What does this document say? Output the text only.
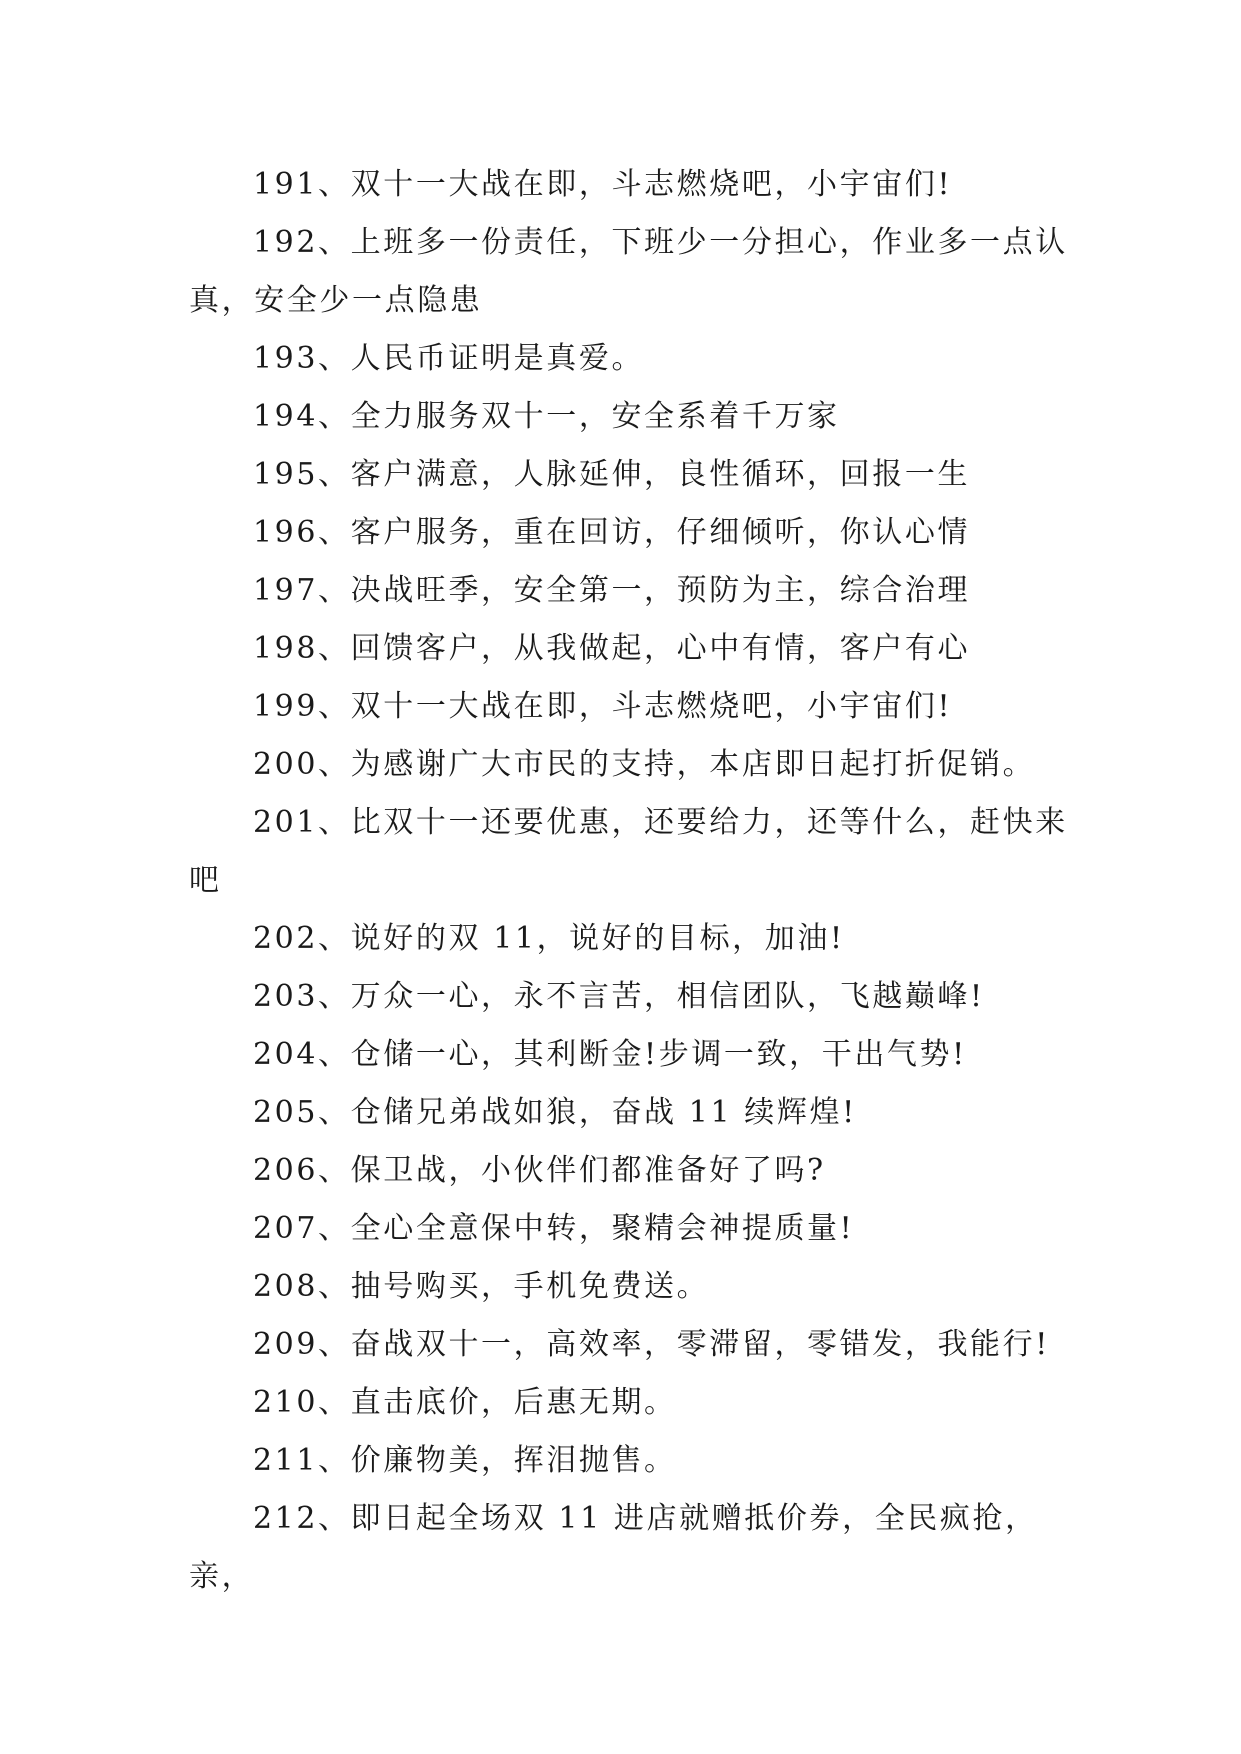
191、双十一大战在即，斗志燃烧吧，小宇宙们!

192、上班多一份责任，下班少一分担心，作业多一点认真，安全少一点隐患

193、人民币证明是真爱。

194、全力服务双十一，安全系着千万家

195、客户满意，人脉延伸，良性循环，回报一生

196、客户服务，重在回访，仔细倾听，你认心情

197、决战旺季，安全第一，预防为主，综合治理

198、回馈客户，从我做起，心中有情，客户有心

199、双十一大战在即，斗志燃烧吧，小宇宙们!

200、为感谢广大市民的支持，本店即日起打折促销。

201、比双十一还要优惠，还要给力，还等什么，赶快来吧

202、说好的双 11，说好的目标，加油!

203、万众一心，永不言苦，相信团队，飞越巅峰!

204、仓储一心，其利断金!步调一致，干出气势!

205、仓储兄弟战如狼，奋战 11 续辉煌!

206、保卫战，小伙伴们都准备好了吗?

207、全心全意保中转，聚精会神提质量!

208、抽号购买，手机免费送。

209、奋战双十一，高效率，零滞留，零错发，我能行!

210、直击底价，后惠无期。

211、价廉物美，挥泪抛售。

212、即日起全场双 11 进店就赠抵价券，全民疯抢，亲，
